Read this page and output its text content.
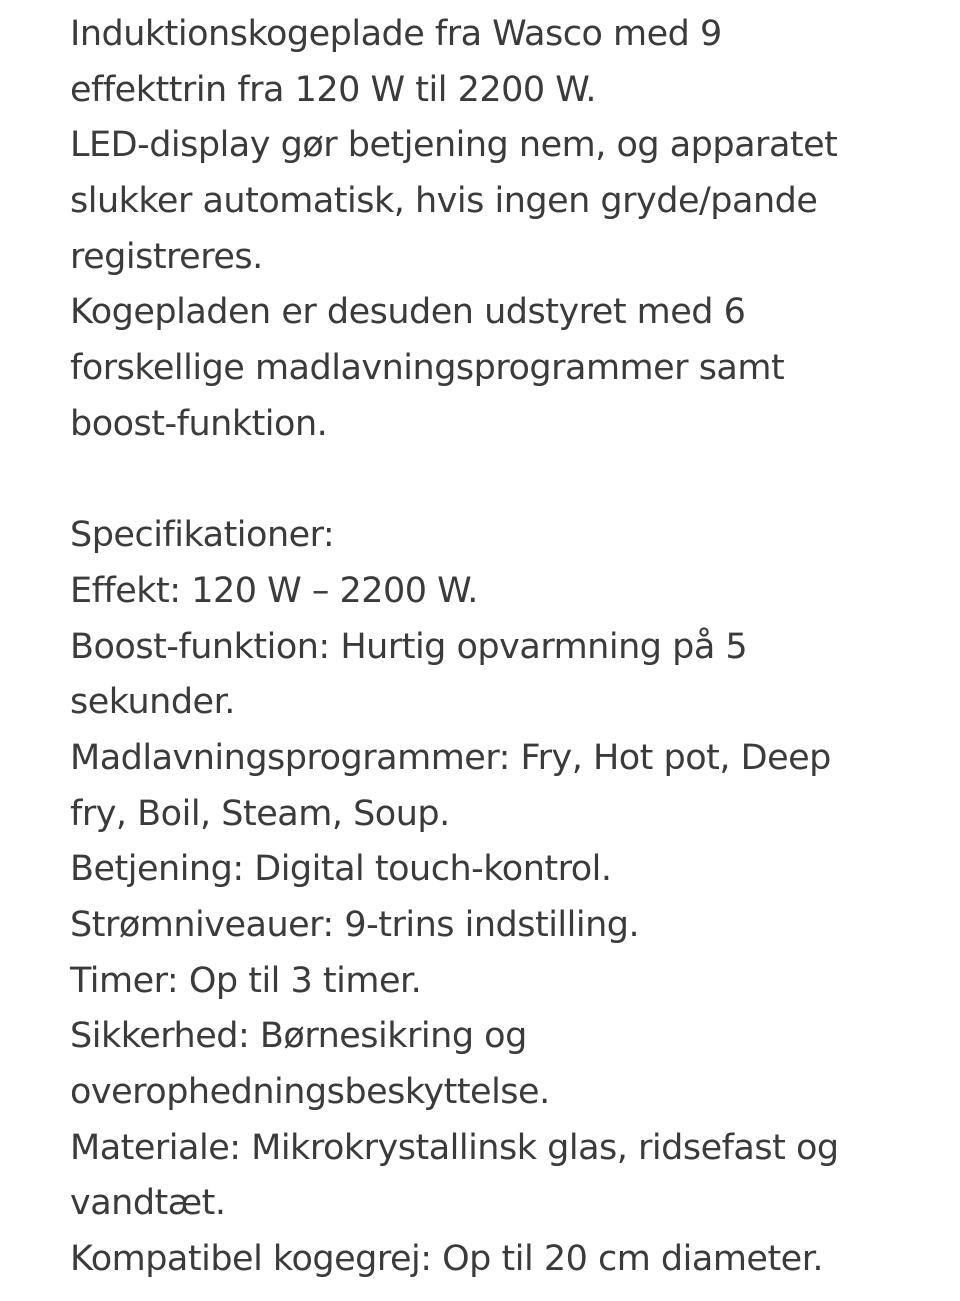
Induktionskogeplade fra Wasco med 9
effekttrin fra 120 W til 2200 W.
LED-display gør betjening nem, og apparatet
slukker automatisk, hvis ingen gryde/pande
registreres.
Kogepladen er desuden udstyret med 6
forskellige madlavningsprogrammer samt
boost-funktion.
Specifikationer:
Effekt: 120 W – 2200 W.
Boost-funktion: Hurtig opvarmning på 5
sekunder.
Madlavningsprogrammer: Fry, Hot pot, Deep
fry, Boil, Steam, Soup.
Betjening: Digital touch-kontrol.
Strømniveauer: 9-trins indstilling.
Timer: Op til 3 timer.
Sikkerhed: Børnesikring og
overophedningsbeskyttelse.
Materiale: Mikrokrystallinsk glas, ridsefast og
vandtæt.
Kompatibel kogegrej: Op til 20 cm diameter.
